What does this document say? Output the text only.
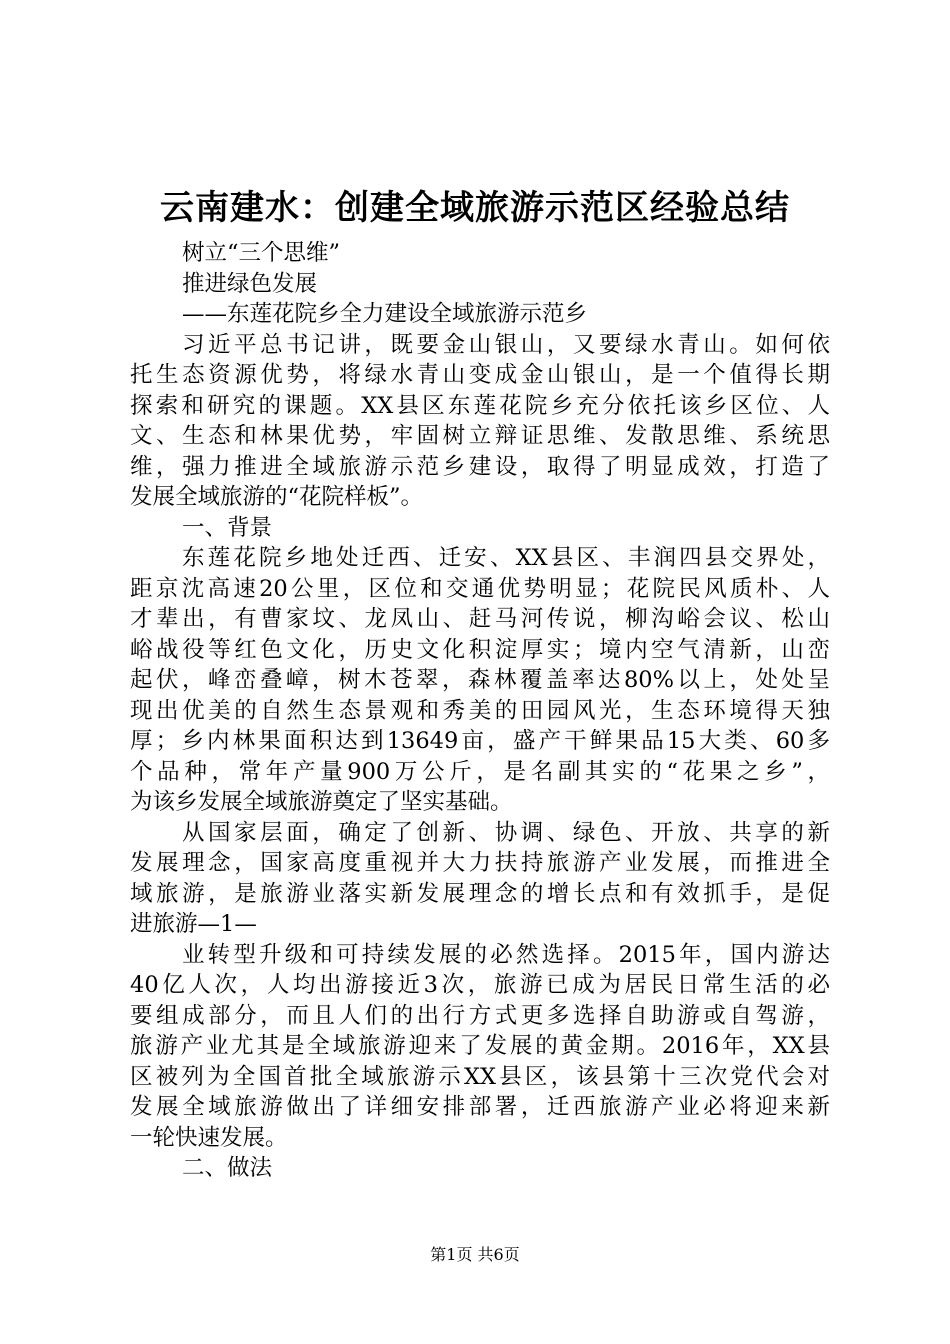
云南建水：创建全域旅游示范区经验总结
树立“三个思维”
推进绿色发展
——东莲花院乡全力建设全域旅游示范乡
习近平总书记讲，既要金山银山，又要绿水青山。如何依
托生态资源优势，将绿水青山变成金山银山，是一个值得长期
探索和研究的课题。XX县区东莲花院乡充分依托该乡区位、人
文、生态和林果优势，牢固树立辩证思维、发散思维、系统思
维，强力推进全域旅游示范乡建设，取得了明显成效，打造了
发展全域旅游的“花院样板”。
一、背景
东莲花院乡地处迁西、迁安、XX县区、丰润四县交界处，
距京沈高速20公里，区位和交通优势明显；花院民风质朴、人
才辈出，有曹家坟、龙凤山、赶马河传说，柳沟峪会议、松山
峪战役等红色文化，历史文化积淀厚实；境内空气清新，山峦
起伏，峰峦叠嶂，树木苍翠，森林覆盖率达80%以上，处处呈
现出优美的自然生态景观和秀美的田园风光，生态环境得天独
厚；乡内林果面积达到13649亩，盛产干鲜果品15大类、60多
个品种，常年产量900万公斤，是名副其实的“花果之乡”，
为该乡发展全域旅游奠定了坚实基础。
从国家层面，确定了创新、协调、绿色、开放、共享的新
发展理念，国家高度重视并大力扶持旅游产业发展，而推进全
域旅游，是旅游业落实新发展理念的增长点和有效抓手，是促
进旅游—1—
业转型升级和可持续发展的必然选择。2015年，国内游达
40亿人次，人均出游接近3次，旅游已成为居民日常生活的必
要组成部分，而且人们的出行方式更多选择自助游或自驾游，
旅游产业尤其是全域旅游迎来了发展的黄金期。2016年，XX县
区被列为全国首批全域旅游示XX县区，该县第十三次党代会对
发展全域旅游做出了详细安排部署，迁西旅游产业必将迎来新
一轮快速发展。
二、做法
第1页 共6页
